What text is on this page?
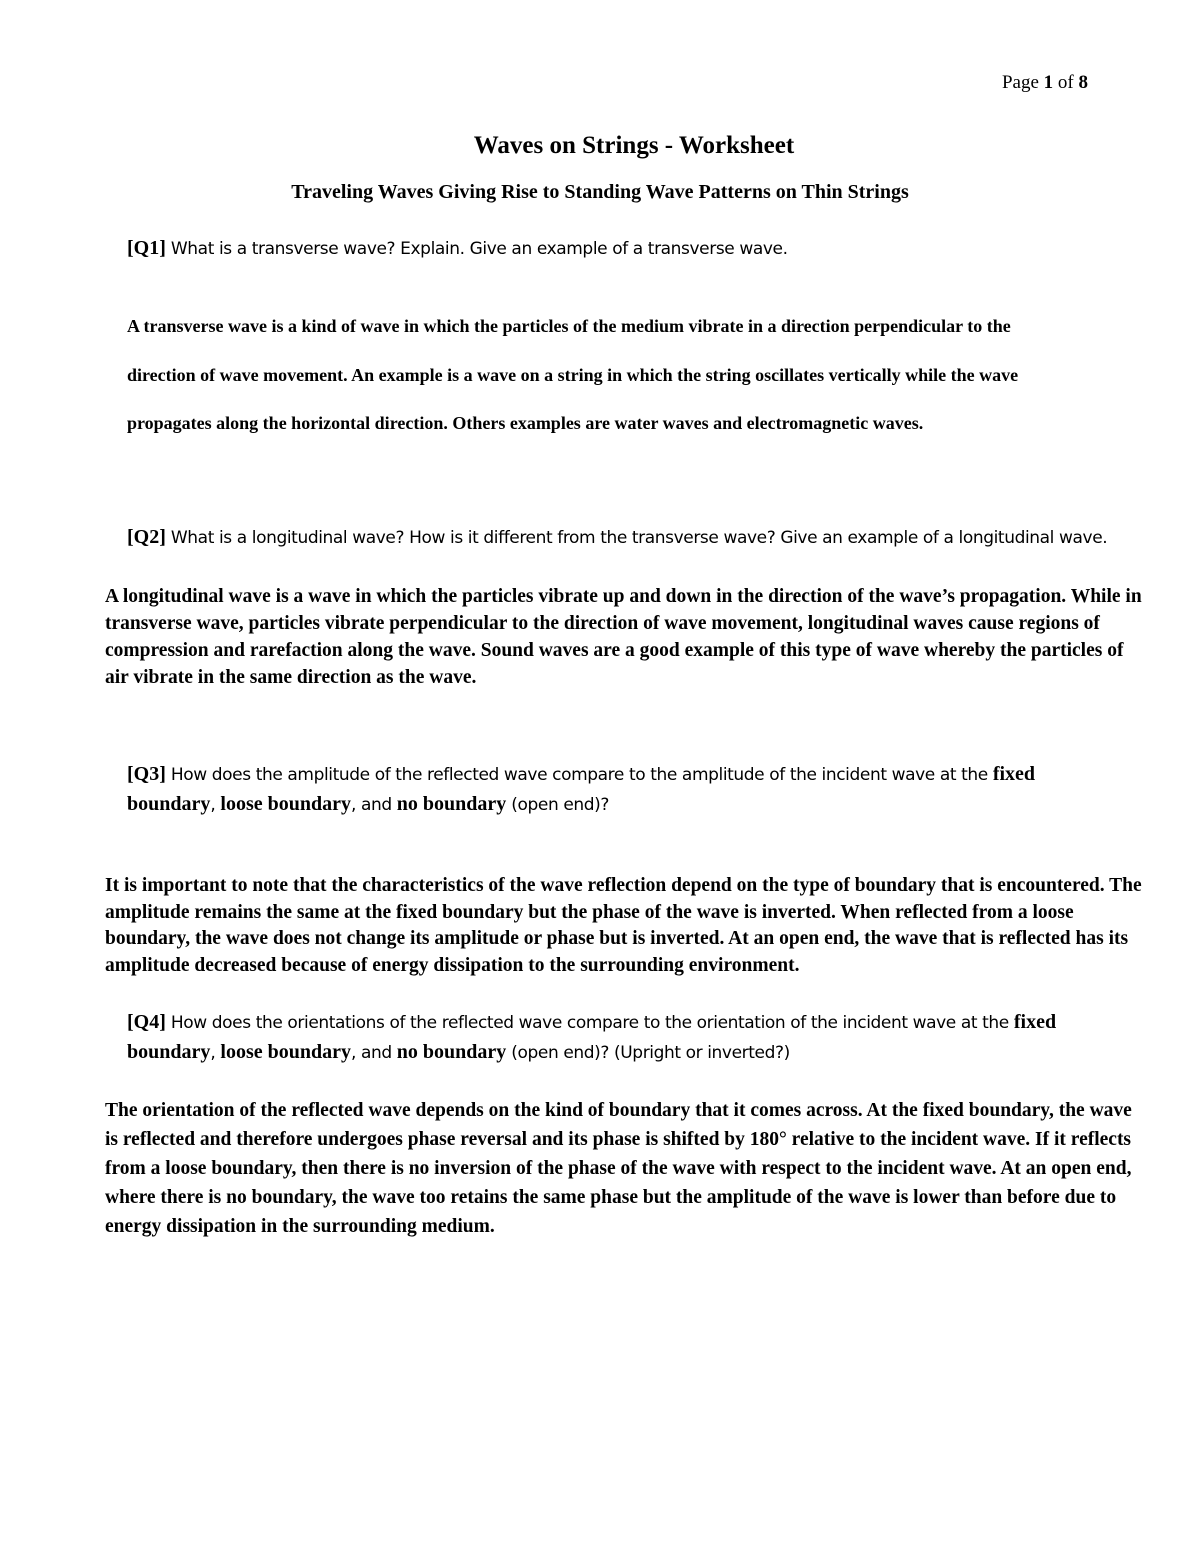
Page 1 of 8
Waves on Strings - Worksheet
Traveling Waves Giving Rise to Standing Wave Patterns on Thin Strings
[Q1] What is a transverse wave? Explain. Give an example of a transverse wave.
A transverse wave is a kind of wave in which the particles of the medium vibrate in a direction perpendicular to the direction of wave movement. An example is a wave on a string in which the string oscillates vertically while the wave propagates along the horizontal direction. Others examples are water waves and electromagnetic waves.
[Q2] What is a longitudinal wave? How is it different from the transverse wave? Give an example of a longitudinal wave.
A longitudinal wave is a wave in which the particles vibrate up and down in the direction of the wave’s propagation. While in transverse wave, particles vibrate perpendicular to the direction of wave movement, longitudinal waves cause regions of compression and rarefaction along the wave. Sound waves are a good example of this type of wave whereby the particles of air vibrate in the same direction as the wave.
[Q3] How does the amplitude of the reflected wave compare to the amplitude of the incident wave at the fixed boundary, loose boundary, and no boundary (open end)?
It is important to note that the characteristics of the wave reflection depend on the type of boundary that is encountered. The amplitude remains the same at the fixed boundary but the phase of the wave is inverted. When reflected from a loose boundary, the wave does not change its amplitude or phase but is inverted. At an open end, the wave that is reflected has its amplitude decreased because of energy dissipation to the surrounding environment.
[Q4] How does the orientations of the reflected wave compare to the orientation of the incident wave at the fixed boundary, loose boundary, and no boundary (open end)? (Upright or inverted?)
The orientation of the reflected wave depends on the kind of boundary that it comes across. At the fixed boundary, the wave is reflected and therefore undergoes phase reversal and its phase is shifted by 180° relative to the incident wave. If it reflects from a loose boundary, then there is no inversion of the phase of the wave with respect to the incident wave. At an open end, where there is no boundary, the wave too retains the same phase but the amplitude of the wave is lower than before due to energy dissipation in the surrounding medium.
